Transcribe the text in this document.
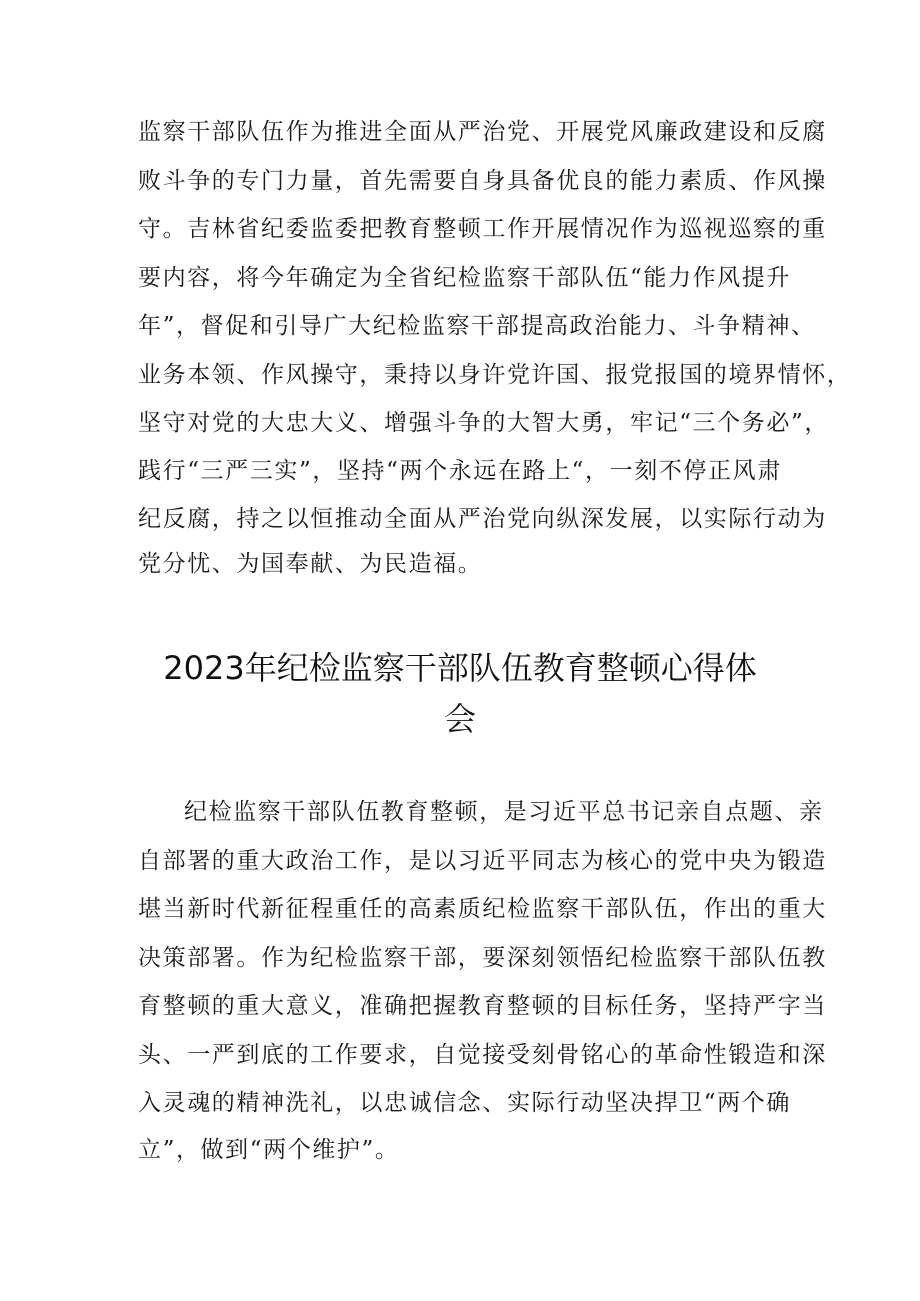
监察干部队伍作为推进全面从严治党、开展党风廉政建设和反腐
败斗争的专门力量，首先需要自身具备优良的能力素质、作风操
守。吉林省纪委监委把教育整顿工作开展情况作为巡视巡察的重
要内容，将今年确定为全省纪检监察干部队伍“能力作风提升
年”，督促和引导广大纪检监察干部提高政治能力、斗争精神、
业务本领、作风操守，秉持以身许党许国、报党报国的境界情怀，
坚守对党的大忠大义、增强斗争的大智大勇，牢记“三个务必”，
践行“三严三实”，坚持“两个永远在路上“，一刻不停正风肃
纪反腐，持之以恒推动全面从严治党向纵深发展，以实际行动为
党分忧、为国奉献、为民造福。
2023年纪检监察干部队伍教育整顿心得体
会
纪检监察干部队伍教育整顿，是习近平总书记亲自点题、亲
自部署的重大政治工作，是以习近平同志为核心的党中央为锻造
堪当新时代新征程重任的高素质纪检监察干部队伍，作出的重大
决策部署。作为纪检监察干部，要深刻领悟纪检监察干部队伍教
育整顿的重大意义，准确把握教育整顿的目标任务，坚持严字当
头、一严到底的工作要求，自觉接受刻骨铭心的革命性锻造和深
入灵魂的精神洗礼，以忠诚信念、实际行动坚决捍卫“两个确
立”，做到“两个维护”。
